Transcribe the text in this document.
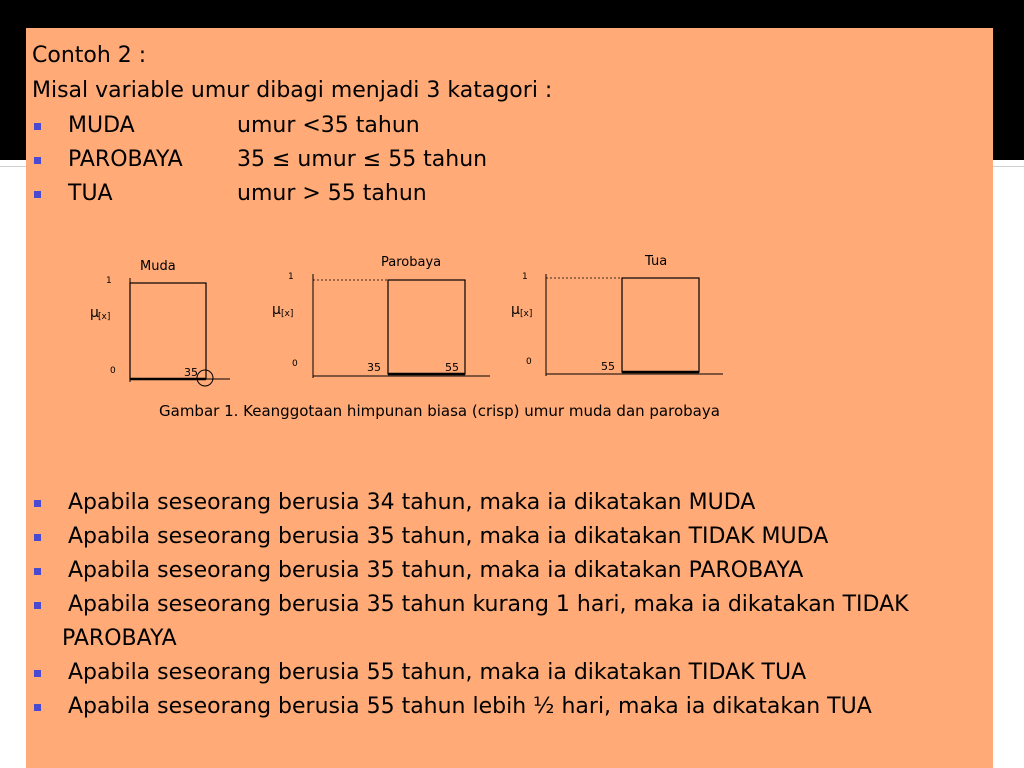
Contoh 2 :
Misal variable umur dibagi menjadi 3 katagori :
MUDA	umur <35 tahun
PAROBAYA 35 ≤ umur ≤ 55 tahun
TUA	umur > 55 tahun
Muda
1
μ [x]
0	35
Parobaya
1
μ [x]
0	35	55
Tua
1
μ [x]
0	55
Gambar 1. Keanggotaan himpunan biasa (crisp) umur muda dan parobaya
Apabila seseorang berusia 34 tahun, maka ia dikatakan MUDA
Apabila seseorang berusia 35 tahun, maka ia dikatakan TIDAK MUDA
Apabila seseorang berusia 35 tahun, maka ia dikatakan PAROBAYA
Apabila seseorang berusia 35 tahun kurang 1 hari, maka ia dikatakan TIDAK
PAROBAYA
Apabila seseorang berusia 55 tahun, maka ia dikatakan TIDAK TUA
Apabila seseorang berusia 55 tahun lebih ½ hari, maka ia dikatakan TUA
